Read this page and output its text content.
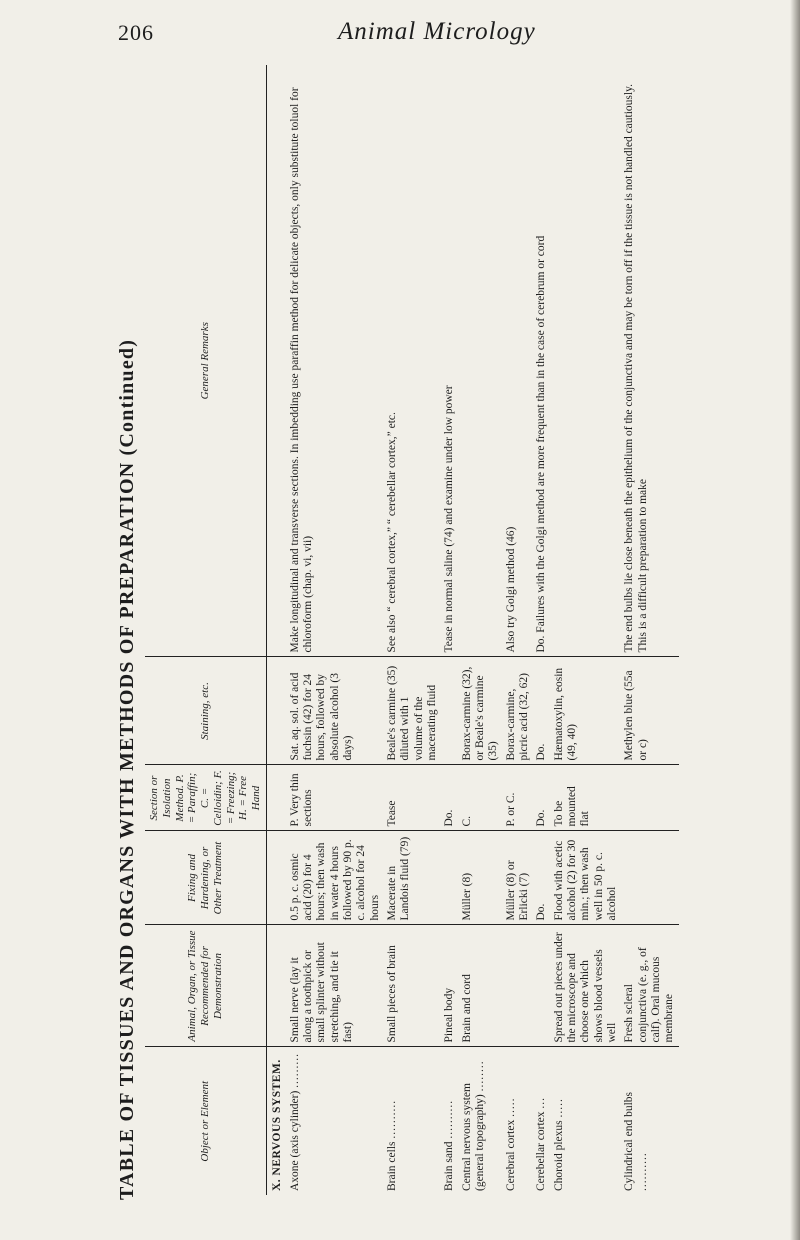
206	Animal Micrology
TABLE OF TISSUES AND ORGANS WITH METHODS OF PREPARATION (Continued)	Object or Element	Animal, Organ, or Tissue Recommended for Demonstration	Fixing and Hardening, or Other Treatment	Section or Isolation Method. P. = Paraffin; C. = Celloidin; F. = Freezing; H. = Free Hand	Staining, etc.	General Remarks
X. NERVOUS SYSTEM.					
Axone (axis cylinder) .........	Small nerve (lay it along a toothpick or small splinter without stretching, and tie it fast)	0.5 p. c. osmic acid (20) for 4 hours; then wash in water 4 hours followed by 90 p. c. alcohol for 24 hours	P. Very thin sections	Sat. aq. sol. of acid fuchsin (42) for 24 hours, followed by absolute alcohol (3 days)	Make longitudinal and transverse sections. In imbedding use paraffin method for delicate objects, only substitute toluol for chloroform (chap. vi, vii)
Brain cells ..........	Small pieces of brain	Macerate in Landois fluid (79)	Tease	Beale's carmine (35) diluted with 1 volume of the macerating fluid	See also “ cerebral cortex,” “ cerebellar cortex,” etc.
Brain sand ..........	Pineal body		Do.		Tease in normal saline (74) and examine under low power
Central nervous system (general topography) ........	Brain and cord	Müller (8)	C.	Borax-carmine (32), or Beale's carmine (35)	
Cerebral cortex .....		Müller (8) or Erlicki (7)	P. or C.	Borax-carmine, picric acid (32, 62)	Also try Golgi method (46)
Cerebellar cortex ...		Do.	Do.	Do.	Do. Failures with the Golgi method are more frequent than in the case of cerebrum or cord
Choroid plexus .....	Spread out pieces under the microscope and choose one which shows blood vessels well	Flood with acetic alcohol (2) for 30 min.; then wash well in 50 p. c. alcohol	To be mounted flat	Hæmatoxylin, eosin (49, 40)	
Cylindrical end bulbs ..........	Fresh scleral conjunctiva (e. g., of calf). Oral mucous membrane			Methylen blue (55a or c)	The end bulbs lie close beneath the epithelium of the conjunctiva and may be torn off if the tissue is not handled cautiously. This is a difficult preparation to make
